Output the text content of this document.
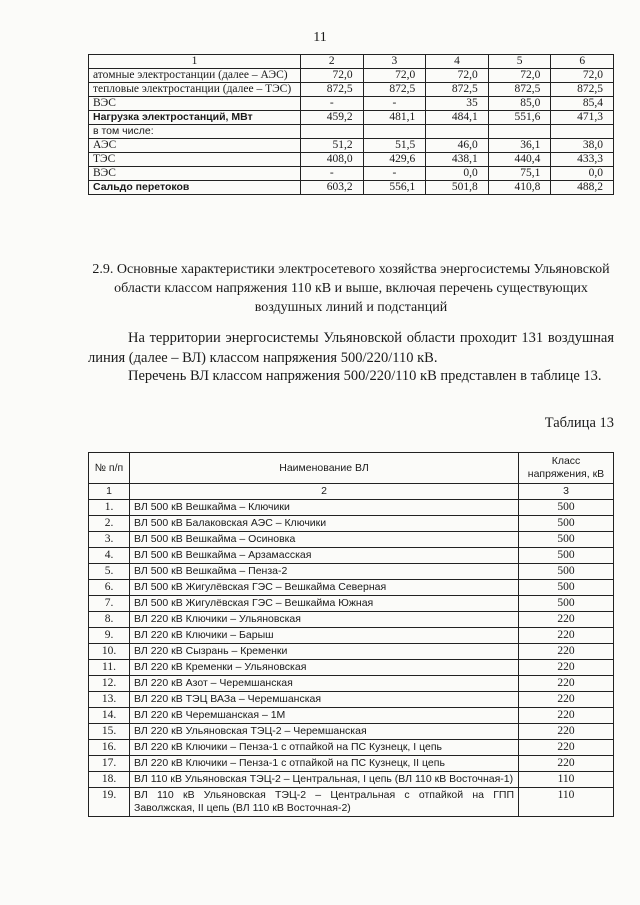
11
1	2	3	4	5	6
атомные электростанции (далее – АЭС)	72,0	72,0	72,0	72,0	72,0
тепловые электростанции (далее – ТЭС)	872,5	872,5	872,5	872,5	872,5
ВЭС	-	-	35	85,0	85,4
Нагрузка электростанций, МВт	459,2	481,1	484,1	551,6	471,3
в том числе:					
АЭС	51,2	51,5	46,0	36,1	38,0
ТЭС	408,0	429,6	438,1	440,4	433,3
ВЭС	-	-	0,0	75,1	0,0
Сальдо перетоков	603,2	556,1	501,8	410,8	488,2
2.9. Основные характеристики электросетевого хозяйства энергосистемы Ульяновской области классом напряжения 110 кВ и выше, включая перечень существующих воздушных линий и подстанций
На территории энергосистемы Ульяновской области проходит 131 воздушная линия (далее – ВЛ) классом напряжения 500/220/110 кВ.
Перечень ВЛ классом напряжения 500/220/110 кВ представлен в таблице 13.
Таблица 13
№ п/п	Наименование ВЛ	Класс напряжения, кВ
1	2	3
1.	ВЛ 500 кВ Вешкайма – Ключики	500
2.	ВЛ 500 кВ Балаковская АЭС – Ключики	500
3.	ВЛ 500 кВ Вешкайма – Осиновка	500
4.	ВЛ 500 кВ Вешкайма – Арзамасская	500
5.	ВЛ 500 кВ Вешкайма – Пенза-2	500
6.	ВЛ 500 кВ Жигулёвская ГЭС – Вешкайма Северная	500
7.	ВЛ 500 кВ Жигулёвская ГЭС – Вешкайма Южная	500
8.	ВЛ 220 кВ Ключики – Ульяновская	220
9.	ВЛ 220 кВ Ключики – Барыш	220
10.	ВЛ 220 кВ Сызрань – Кременки	220
11.	ВЛ 220 кВ Кременки – Ульяновская	220
12.	ВЛ 220 кВ Азот – Черемшанская	220
13.	ВЛ 220 кВ ТЭЦ ВАЗа – Черемшанская	220
14.	ВЛ 220 кВ Черемшанская – 1М	220
15.	ВЛ 220 кВ Ульяновская ТЭЦ-2 – Черемшанская	220
16.	ВЛ 220 кВ Ключики – Пенза-1 с отпайкой на ПС Кузнецк, I цепь	220
17.	ВЛ 220 кВ Ключики – Пенза-1 с отпайкой на ПС Кузнецк, II цепь	220
18.	ВЛ 110 кВ Ульяновская ТЭЦ-2 – Центральная, I цепь (ВЛ 110 кВ Восточная-1)	110
19.	ВЛ 110 кВ Ульяновская ТЭЦ-2 – Центральная с отпайкой на ГПП Заволжская, II цепь (ВЛ 110 кВ Восточная-2)	110
